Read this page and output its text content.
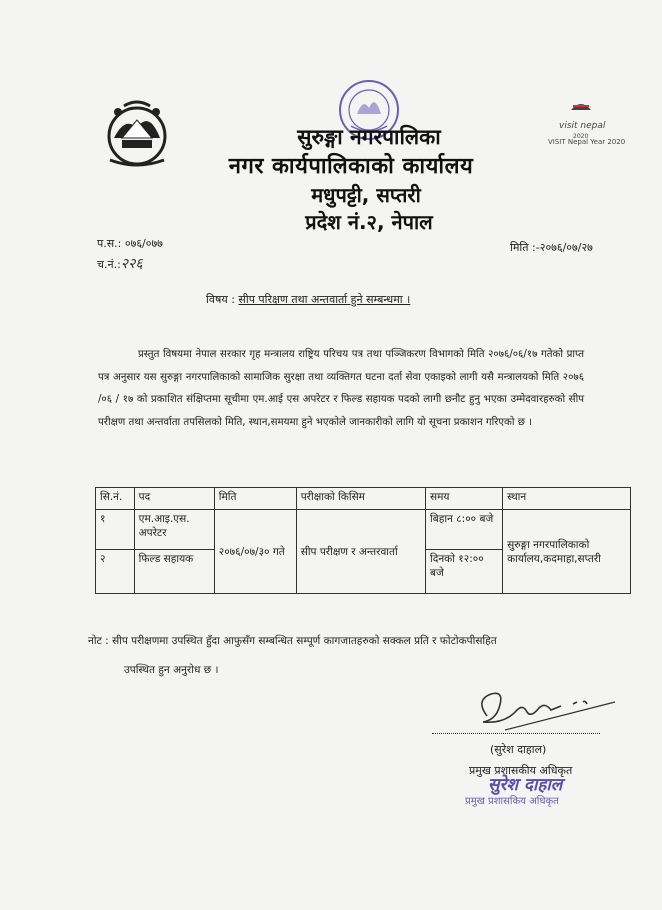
visit nepal
2020
VISIT Nepal Year 2020
सुरुङ्गा नगरपालिका
नगर कार्यपालिकाको कार्यालय
मधुपट्टी, सप्तरी
प्रदेश नं.२, नेपाल
प.स.: ०७६/०७७
च.नं.:२२६
मिति :-२०७६/०७/२७
विषय : सीप परिक्षण तथा अन्तवार्ता हुने सम्बन्धमा ।
प्रस्तुत विषयमा नेपाल सरकार गृह मन्त्रालय राष्ट्रिय परिचय पत्र तथा पञ्जिकरण विभागको मिति २०७६/०६/१७ गतेको प्राप्त पत्र अनुसार यस सुरुङ्गा नगरपालिकाको सामाजिक सुरक्षा तथा व्यक्तिगत घटना दर्ता सेवा एकाइको लागी यसै मन्त्रालयको मिति २०७६ /०६ / १७ को प्रकाशित संक्षिप्तमा सूचीमा एम.आई एस अपरेटर र फिल्ड सहायक पदको लागी छनौट हुनु भएका उम्मेदवारहरुको सीप परीक्षण तथा अन्तर्वाता तपसिलको मिति, स्थान,समयमा हुने भएकोले जानकारीको लागि यो सूचना प्रकाशन गरिएको छ ।
सि.नं.	पद	मिति	परीक्षाको किसिम	समय	स्थान
१	एम.आइ.एस. अपरेटर	२०७६/०७/३० गते	सीप परीक्षण र अन्तरवार्ता	बिहान ८:०० बजे	सुरुङ्गा नगरपालिकाको कार्यालय,कदमाहा,सप्तरी
२	फिल्ड सहायक			दिनको १२:०० बजे	
नोट : सीप परीक्षणमा उपस्थित हुँदा आफुसँग सम्बन्धित सम्पूर्ण कागजातहरुको सक्कल प्रति र फोटोकपीसहित
उपस्थित हुन अनुरोध छ ।
(सुरेश दाहाल)
प्रमुख प्रशासकीय अधिकृत
सुरेश दाहाल
प्रमुख प्रशासकिय अधिकृत
